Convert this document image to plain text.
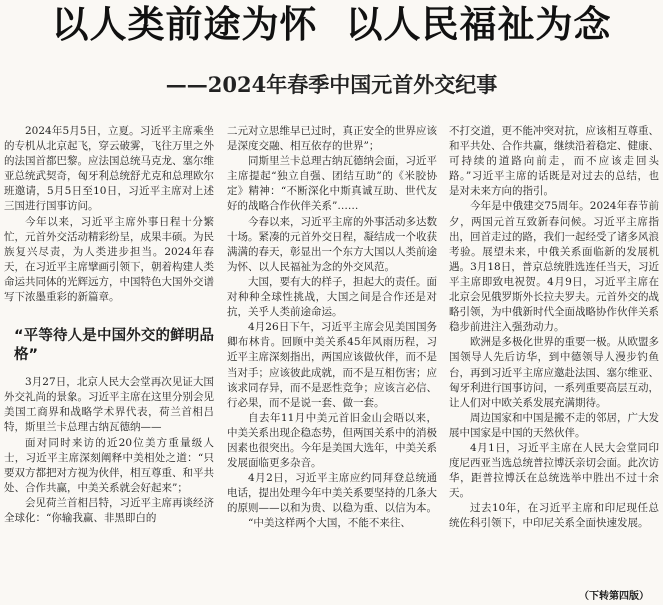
以人类前途为怀 以人民福祉为念
——2024年春季中国元首外交纪事

2024年5月5日，立夏。习近平主席乘坐的专机从北京起飞，穿云破雾，飞往万里之外的法国首都巴黎。应法国总统马克龙、塞尔维亚总统武契奇，匈牙利总统舒尤克和总理欧尔班邀请，5月5日至10日，习近平主席对上述三国进行国事访问。

今年以来，习近平主席外事日程十分繁忙，元首外交活动精彩纷呈，成果丰硕。为民族复兴尽责，为人类进步担当。2024年春天，在习近平主席擘画引领下，朝着构建人类命运共同体的光辉远方，中国特色大国外交谱写下浓墨重彩的新篇章。

“平等待人是中国外交的鲜明品格”

3月27日，北京人民大会堂再次见证大国外交礼尚的景象。习近平主席在这里分别会见美国工商界和战略学术界代表，荷兰首相吕特，斯里兰卡总理古纳瓦德纳——

面对同时来访的近20位美方重量级人士，习近平主席深刻阐释中美相处之道：“只要双方都把对方视为伙伴，相互尊重、和平共处、合作共赢，中美关系就会好起来”；

会见荷兰首相吕特，习近平主席再谈经济全球化：“你输我赢、非黑即白的

二元对立思维早已过时，真正安全的世界应该是深度交融、相互依存的世界”；

同斯里兰卡总理古纳瓦德纳会面，习近平主席提起“独立自强、团结互助”的《米胶协定》精神：“不断深化中斯真诚互助、世代友好的战略合作伙伴关系”……

今春以来，习近平主席的外事活动多达数十场。紧凑的元首外交日程，凝结成一个收获满满的春天，彰显出一个东方大国以人类前途为怀、以人民福祉为念的外交风范。

大国，要有大的样子，担起大的责任。面对种种全球性挑战，大国之间是合作还是对抗，关乎人类前途命运。

4月26日下午，习近平主席会见美国国务卿布林肯。回顾中美关系45年风雨历程，习近平主席深刻指出，两国应该做伙伴，而不是当对手；应该彼此成就，而不是互相伤害；应该求同存异，而不是恶性竞争；应该言必信、行必果，而不是说一套、做一套。

自去年11月中美元首旧金山会晤以来，中美关系出现企稳态势，但两国关系中的消极因素也很突出。今年是美国大选年，中美关系发展面临更多杂音。

4月2日，习近平主席应约同拜登总统通电话，提出处理今年中美关系要坚持的几条大的原则——以和为贵、以稳为重、以信为本。

“中美这样两个大国，不能不来往、

不打交道，更不能冲突对抗，应该相互尊重、和平共处、合作共赢，继续沿着稳定、健康、可持续的道路向前走，而不应该走回头路。”习近平主席的话既是对过去的总结，也是对未来方向的指引。

今年是中俄建交75周年。2024年春节前夕，两国元首互致新春问候。习近平主席指出，回首走过的路，我们一起经受了诸多风浪考验。展望未来，中俄关系面临新的发展机遇。3月18日，普京总统胜选连任当天，习近平主席即致电祝贺。4月9日，习近平主席在北京会见俄罗斯外长拉夫罗夫。元首外交的战略引领，为中俄新时代全面战略协作伙伴关系稳步前进注入强劲动力。

欧洲是多极化世界的重要一极。从欧盟多国领导人先后访华，到中德领导人漫步钓鱼台，再到习近平主席应邀赴法国、塞尔维亚、匈牙利进行国事访问，一系列重要高层互动，让人们对中欧关系发展充满期待。

周边国家和中国是搬不走的邻居，广大发展中国家是中国的天然伙伴。

4月1日，习近平主席在人民大会堂同印度尼西亚当选总统普拉博沃亲切会面。此次访华，距普拉博沃在总统选举中胜出不过十余天。

过去10年，在习近平主席和印尼现任总统佐科引领下，中印尼关系全面快速发展。

（下转第四版）
